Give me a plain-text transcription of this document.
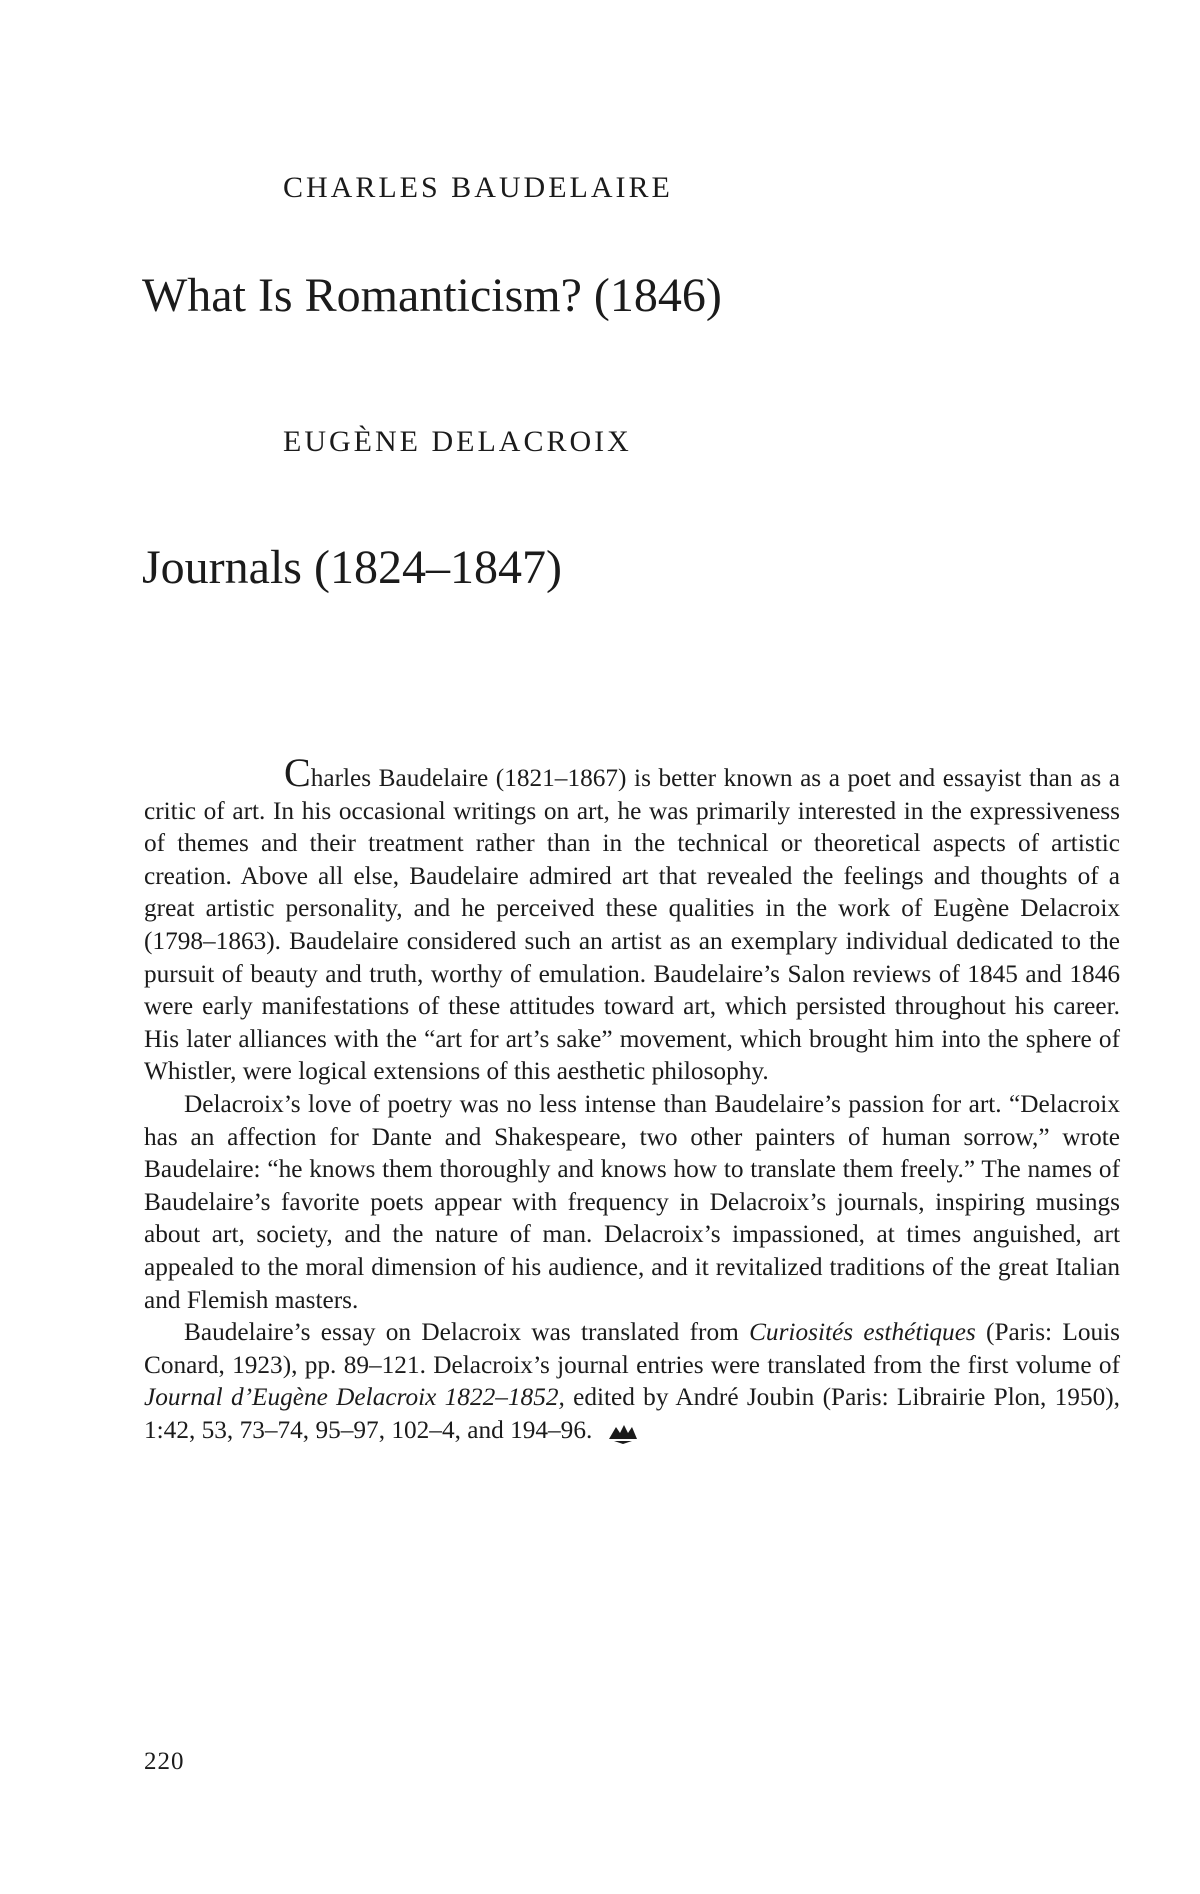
CHARLES BAUDELAIRE
What Is Romanticism? (1846)
EUGÈNE DELACROIX
Journals (1824–1847)

Charles Baudelaire (1821–1867) is better known as a poet and essayist than as a critic of art. In his occasional writings on art, he was primarily interested in the expressiveness of themes and their treatment rather than in the technical or theoretical aspects of artistic creation. Above all else, Baudelaire admired art that revealed the feelings and thoughts of a great artistic personality, and he perceived these qualities in the work of Eugène Delacroix (1798–1863). Baudelaire considered such an artist as an exemplary individual dedicated to the pursuit of beauty and truth, worthy of emulation. Baudelaire’s Salon reviews of 1845 and 1846 were early manifestations of these attitudes toward art, which persisted throughout his career. His later alliances with the “art for art’s sake” movement, which brought him into the sphere of Whistler, were logical extensions of this aesthetic philosophy.

Delacroix’s love of poetry was no less intense than Baudelaire’s passion for art. “Delacroix has an affection for Dante and Shakespeare, two other painters of human sorrow,” wrote Baudelaire: “he knows them thoroughly and knows how to translate them freely.” The names of Baudelaire’s favorite poets appear with frequency in Delacroix’s journals, inspiring musings about art, society, and the nature of man. Delacroix’s impassioned, at times anguished, art appealed to the moral dimension of his audience, and it revitalized traditions of the great Italian and Flemish masters.

Baudelaire’s essay on Delacroix was translated from Curiosités esthétiques (Paris: Louis Conard, 1923), pp. 89–121. Delacroix’s journal entries were translated from the first volume of Journal d’Eugène Delacroix 1822–1852, edited by André Joubin (Paris: Librairie Plon, 1950), 1:42, 53, 73–74, 95–97, 102–4, and 194–96.

220
